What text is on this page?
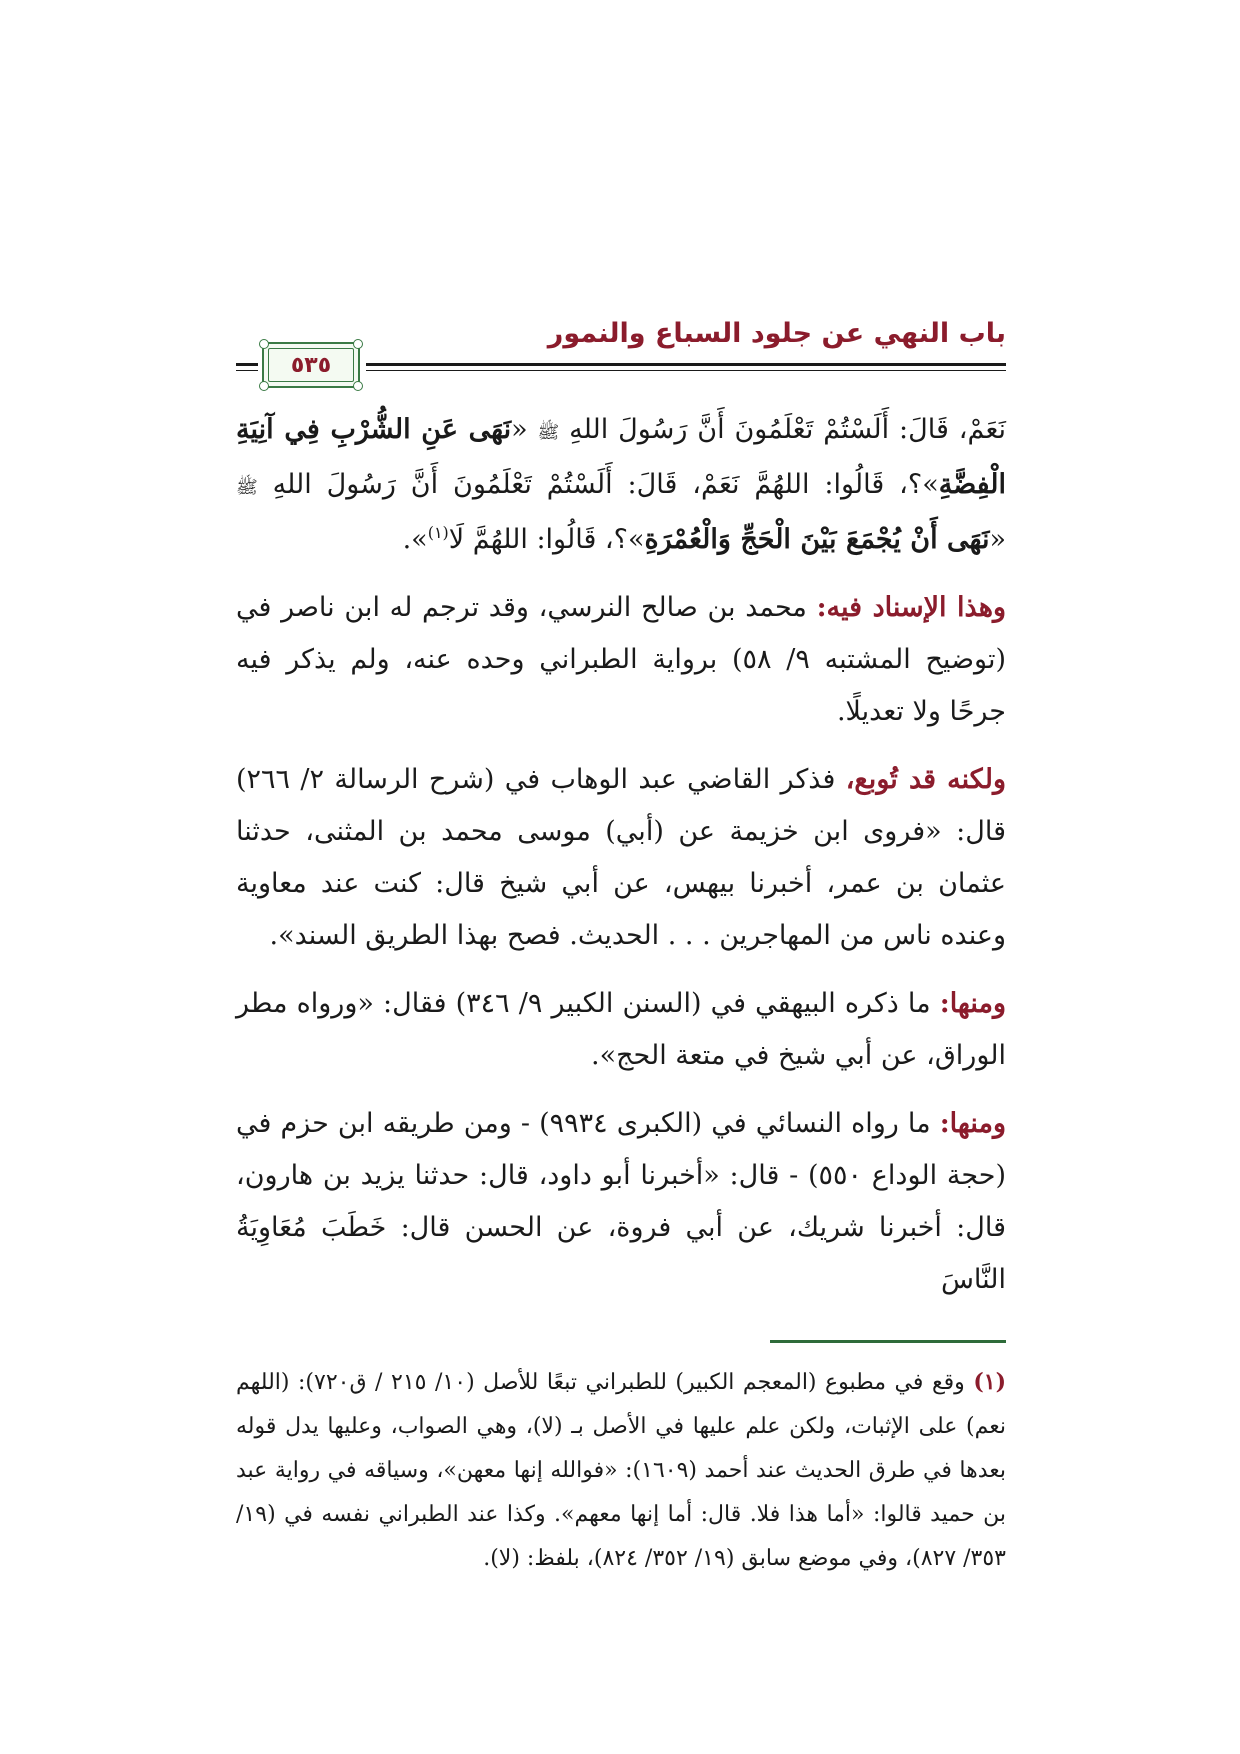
باب النهي عن جلود السباع والنمور
٥٣٥

نَعَمْ، قَالَ: أَلَسْتُمْ تَعْلَمُونَ أَنَّ رَسُولَ اللهِ ﷺ «نَهَى عَنِ الشُّرْبِ فِي آنِيَةِ الْفِضَّةِ»؟، قَالُوا: اللهُمَّ نَعَمْ، قَالَ: أَلَسْتُمْ تَعْلَمُونَ أَنَّ رَسُولَ اللهِ ﷺ «نَهَى أَنْ يُجْمَعَ بَيْنَ الْحَجِّ وَالْعُمْرَةِ»؟، قَالُوا: اللهُمَّ لَا$^{(١)}$».

وهذا الإسناد فيه: محمد بن صالح النرسي، وقد ترجم له ابن ناصر في (توضيح المشتبه ٩/ ٥٨) برواية الطبراني وحده عنه، ولم يذكر فيه جرحًا ولا تعديلًا.

ولكنه قد تُوبع، فذكر القاضي عبد الوهاب في (شرح الرسالة ٢/ ٢٦٦) قال: «فروى ابن خزيمة عن (أبي) موسى محمد بن المثنى، حدثنا عثمان بن عمر، أخبرنا بيهس، عن أبي شيخ قال: كنت عند معاوية وعنده ناس من المهاجرين . . . الحديث. فصح بهذا الطريق السند».

ومنها: ما ذكره البيهقي في (السنن الكبير ٩/ ٣٤٦) فقال: «ورواه مطر الوراق، عن أبي شيخ في متعة الحج».

ومنها: ما رواه النسائي في (الكبرى ٩٩٣٤) - ومن طريقه ابن حزم في (حجة الوداع ٥٥٠) - قال: «أخبرنا أبو داود، قال: حدثنا يزيد بن هارون، قال: أخبرنا شريك، عن أبي فروة، عن الحسن قال: خَطَبَ مُعَاوِيَةُ النَّاسَ

(١) وقع في مطبوع (المعجم الكبير) للطبراني تبعًا للأصل (١٠/ ٢١٥ / ق٧٢٠): (اللهم نعم) على الإثبات، ولكن علم عليها في الأصل بـ (لا)، وهي الصواب، وعليها يدل قوله بعدها في طرق الحديث عند أحمد (١٦٠٩): «فوالله إنها معهن»، وسياقه في رواية عبد بن حميد قالوا: «أما هذا فلا. قال: أما إنها معهم». وكذا عند الطبراني نفسه في (١٩/ ٣٥٣/ ٨٢٧)، وفي موضع سابق (١٩/ ٣٥٢/ ٨٢٤)، بلفظ: (لا).
